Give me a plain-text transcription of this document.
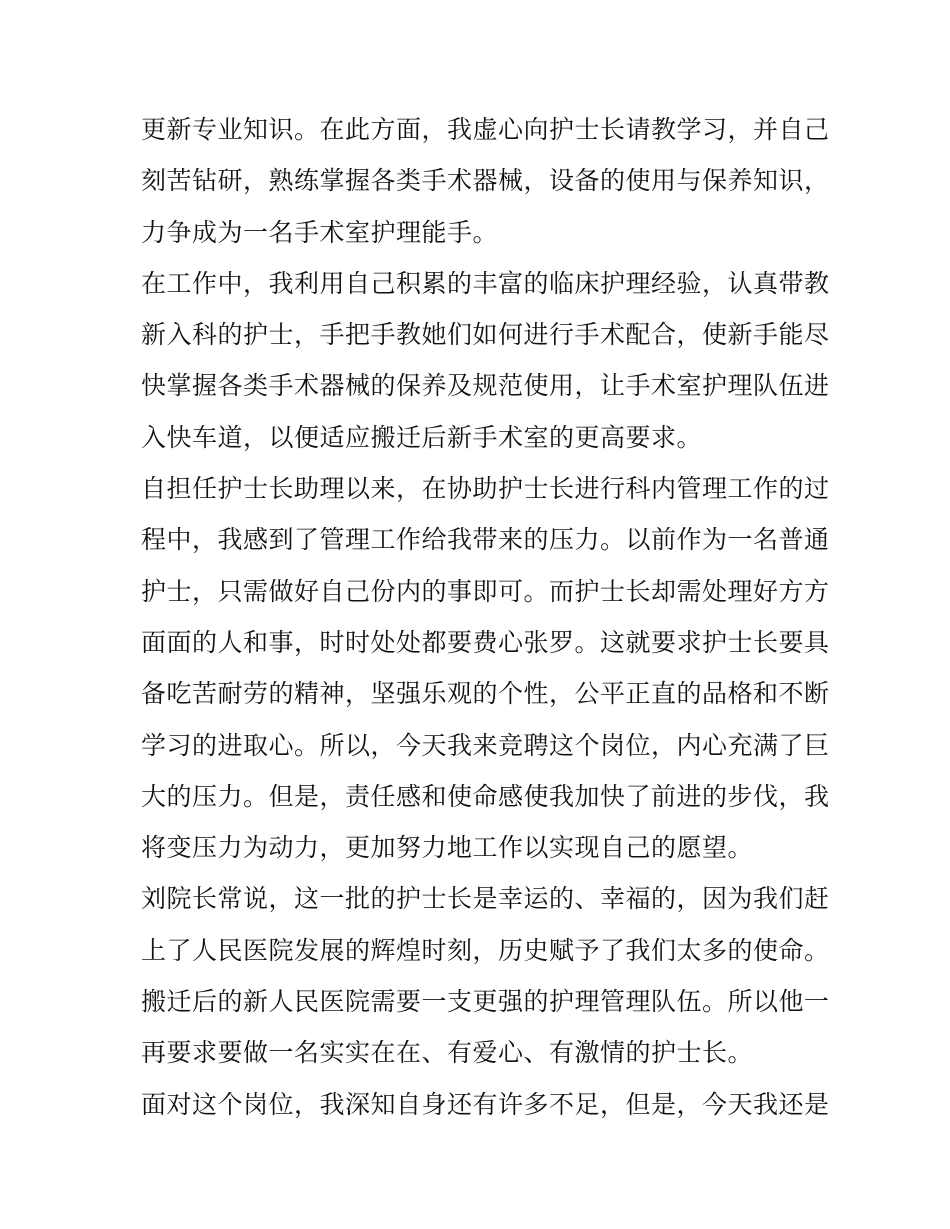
更新专业知识。在此方面，我虚心向护士长请教学习，并自己
刻苦钻研，熟练掌握各类手术器械，设备的使用与保养知识，
力争成为一名手术室护理能手。
在工作中，我利用自己积累的丰富的临床护理经验，认真带教
新入科的护士，手把手教她们如何进行手术配合，使新手能尽
快掌握各类手术器械的保养及规范使用，让手术室护理队伍进
入快车道，以便适应搬迁后新手术室的更高要求。
自担任护士长助理以来，在协助护士长进行科内管理工作的过
程中，我感到了管理工作给我带来的压力。以前作为一名普通
护士，只需做好自己份内的事即可。而护士长却需处理好方方
面面的人和事，时时处处都要费心张罗。这就要求护士长要具
备吃苦耐劳的精神，坚强乐观的个性，公平正直的品格和不断
学习的进取心。所以，今天我来竞聘这个岗位，内心充满了巨
大的压力。但是，责任感和使命感使我加快了前进的步伐，我
将变压力为动力，更加努力地工作以实现自己的愿望。
刘院长常说，这一批的护士长是幸运的、幸福的，因为我们赶
上了人民医院发展的辉煌时刻，历史赋予了我们太多的使命。
搬迁后的新人民医院需要一支更强的护理管理队伍。所以他一
再要求要做一名实实在在、有爱心、有激情的护士长。
面对这个岗位，我深知自身还有许多不足，但是，今天我还是
